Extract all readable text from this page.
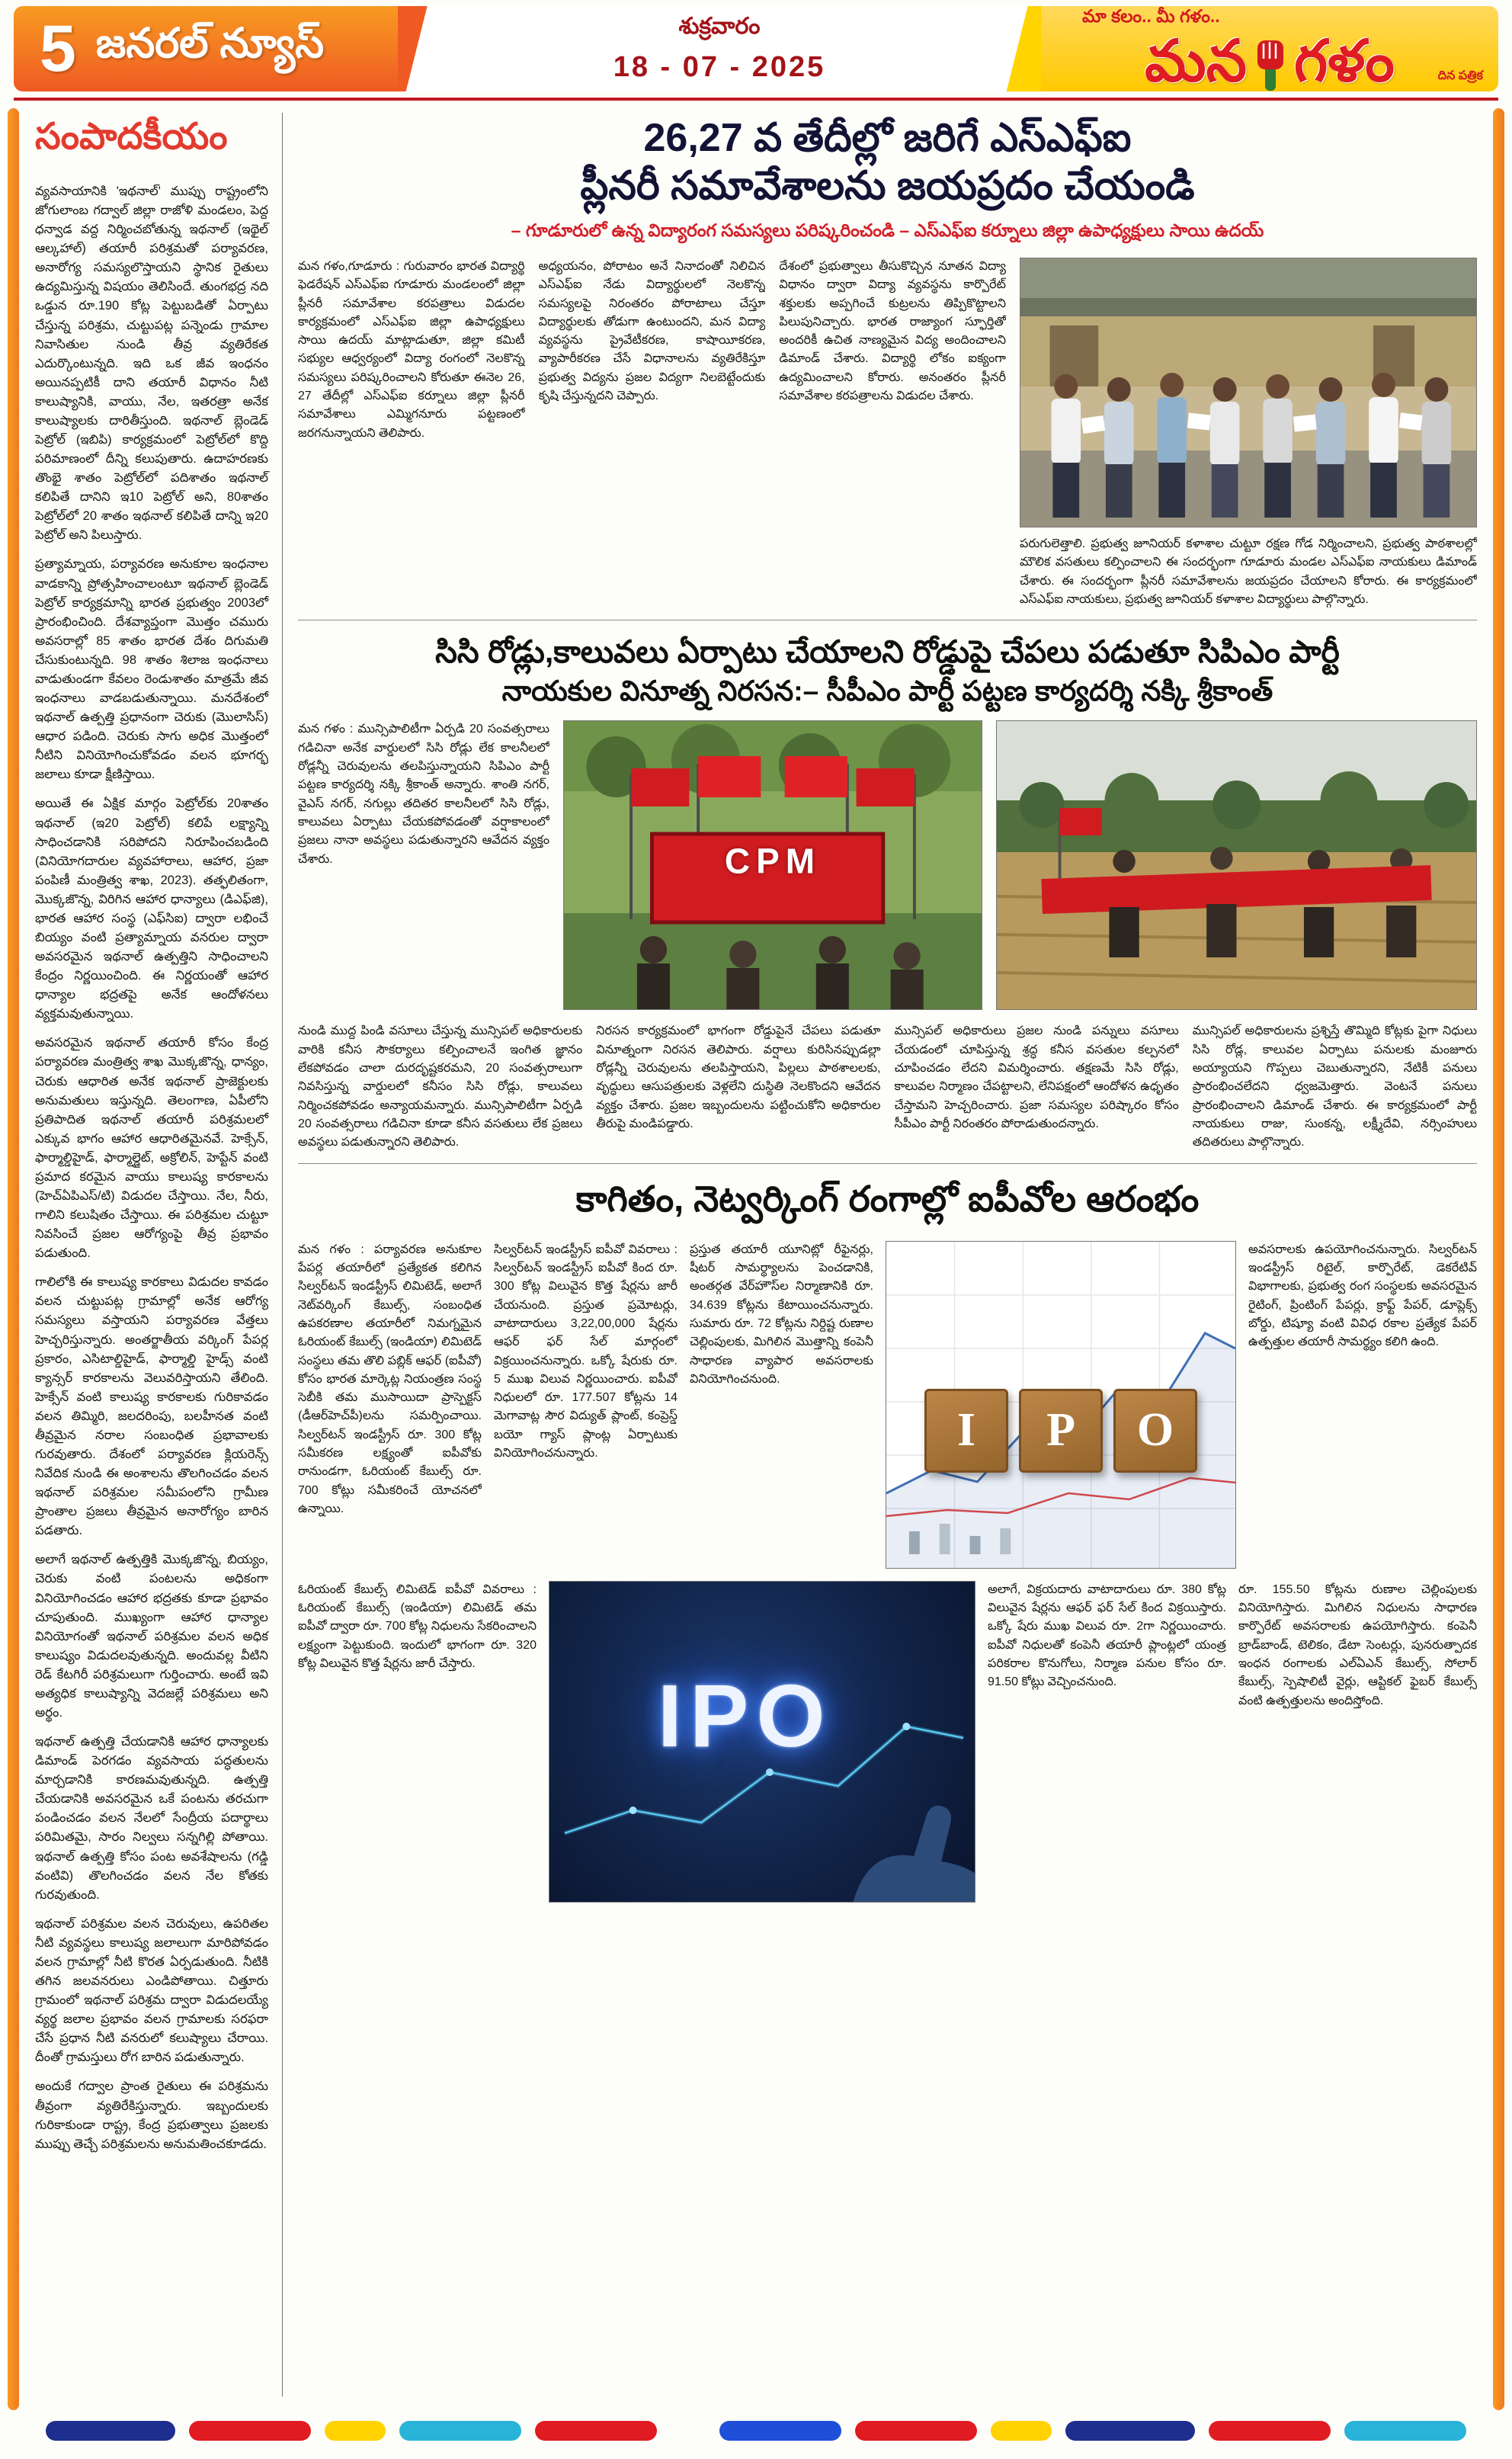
5 జనరల్ న్యూస్	శుక్రవారం
18 - 07 - 2025
మా కలం.. మీ గళం..
మన గళం	దిన పత్రిక
సంపాదకీయం

వ్యవసాయానికి 'ఇథనాల్' ముప్పు రాష్ట్రంలోని జోగులాంబ గద్వాల్ జిల్లా రాజోళి మండలం, పెద్ద ధన్వాడ వద్ద నిర్మించబోతున్న ఇథనాల్ (ఇథైల్ ఆల్కహాల్) తయారీ పరిశ్రమతో పర్యావరణ, అనారోగ్య సమస్యలొస్తాయని స్థానిక రైతులు ఉద్యమిస్తున్న విషయం తెలిసిందే. తుంగభద్ర నది ఒడ్డున రూ.190 కోట్ల పెట్టుబడితో ఏర్పాటు చేస్తున్న పరిశ్రమ, చుట్టుపట్ల పన్నెండు గ్రామాల నివాసితుల నుండి తీవ్ర వ్యతిరేకత ఎదుర్కొంటున్నది. ఇది ఒక జీవ ఇంధనం అయినప్పటికీ దాని తయారీ విధానం నీటి కాలుష్యానికి, వాయు, నేల, ఇతరత్రా అనేక కాలుష్యాలకు దారితీస్తుంది. ఇథనాల్ బ్లెండెడ్ పెట్రోల్ (ఇబిపి) కార్యక్రమంలో పెట్రోల్‌లో కొద్ది పరిమాణంలో దీన్ని కలుపుతారు. ఉదాహరణకు తొంభై శాతం పెట్రోల్‌లో పదిశాతం ఇథనాల్ కలిపితే దానిని ఇ10 పెట్రోల్ అని, 80శాతం పెట్రోల్‌లో 20 శాతం ఇథనాల్ కలిపితే దాన్ని ఇ20 పెట్రోల్ అని పిలుస్తారు.

ప్రత్యామ్నాయ, పర్యావరణ అనుకూల ఇంధనాల వాడకాన్ని ప్రోత్సహించాలంటూ ఇథనాల్ బ్లెండెడ్ పెట్రోల్ కార్యక్రమాన్ని భారత ప్రభుత్వం 2003లో ప్రారంభించింది. దేశవ్యాప్తంగా మొత్తం చమురు అవసరాల్లో 85 శాతం భారత దేశం దిగుమతి చేసుకుంటున్నది. 98 శాతం శిలాజ ఇంధనాలు వాడుతుండగా కేవలం రెండుశాతం మాత్రమే జీవ ఇంధనాలు వాడబడుతున్నాయి. మనదేశంలో ఇథనాల్ ఉత్పత్తి ప్రధానంగా చెరుకు (మొలాసిస్) ఆధార పడింది. చెరుకు సాగు అధిక మొత్తంలో నీటిని వినియోగించుకోవడం వలన భూగర్భ జలాలు కూడా క్షీణిస్తాయి.

అయితే ఈ ఏక్షిక మార్గం పెట్రోల్‌కు 20శాతం ఇథనాల్ (ఇ20 పెట్రోల్) కలిపే లక్ష్యాన్ని సాధించడానికి సరిపోదని నిరూపించబడింది (వినియోగదారుల వ్యవహారాలు, ఆహార, ప్రజా పంపిణీ మంత్రిత్వ శాఖ, 2023). తత్ఫలితంగా, మొక్కజొన్న, విరిగిన ఆహార ధాన్యాలు (డిఎఫ్‌జి), భారత ఆహార సంస్థ (ఎఫ్‌సిఐ) ద్వారా లభించే బియ్యం వంటి ప్రత్యామ్నాయ వనరుల ద్వారా అవసరమైన ఇథనాల్ ఉత్పత్తిని సాధించాలని కేంద్రం నిర్ణయించింది. ఈ నిర్ణయంతో ఆహార ధాన్యాల భద్రతపై అనేక ఆందోళనలు వ్యక్తమవుతున్నాయి.

అవసరమైన ఇథనాల్ తయారీ కోసం కేంద్ర పర్యావరణ మంత్రిత్వ శాఖ మొక్కజొన్న, ధాన్యం, చెరుకు ఆధారిత అనేక ఇథనాల్ ప్రాజెక్టులకు అనుమతులు ఇస్తున్నది. తెలంగాణ, ఏపీలోని ప్రతిపాదిత ఇథనాల్ తయారీ పరిశ్రమలలో ఎక్కువ భాగం ఆహార ఆధారితమైనవే. హెక్సేన్, ఫార్మాల్డిహైడ్, ఫార్మాల్డైట్, అక్రోలిన్, హెప్టేన్ వంటి ప్రమాద కరమైన వాయు కాలుష్య కారకాలను (హెచ్‌ఏపిఎస్/టి) విడుదల చేస్తాయి. నేల, నీరు, గాలిని కలుషితం చేస్తాయి. ఈ పరిశ్రమల చుట్టూ నివసించే ప్రజల ఆరోగ్యంపై తీవ్ర ప్రభావం పడుతుంది.

గాలిలోకి ఈ కాలుష్య కారకాలు విడుదల కావడం వలన చుట్టుపట్ల గ్రామాల్లో అనేక ఆరోగ్య సమస్యలు వస్తాయని పర్యావరణ వేత్తలు హెచ్చరిస్తున్నారు. అంతర్జాతీయ వర్కింగ్ పేపర్ల ప్రకారం, ఎసిటాల్డిహైడ్, ఫార్మాల్డి హైడ్స్ వంటి క్యాన్సర్ కారకాలను వెలువరిస్తాయని తేలింది. హెక్సేన్ వంటి కాలుష్య కారకాలకు గురికావడం వలన తిమ్మిరి, జలదరింపు, బలహీనత వంటి తీవ్రమైన నరాల సంబంధిత ప్రభావాలకు గురవుతారు. దేశంలో పర్యావరణ క్లియరెన్స్ నివేదిక నుండి ఈ అంశాలను తొలగించడం వలన ఇథనాల్ పరిశ్రమల సమీపంలోని గ్రామీణ ప్రాంతాల ప్రజలు తీవ్రమైన అనారోగ్యం బారిన పడతారు.

అలాగే ఇథనాల్ ఉత్పత్తికి మొక్కజొన్న, బియ్యం, చెరుకు వంటి పంటలను అధికంగా వినియోగించడం ఆహార భద్రతకు కూడా ప్రభావం చూపుతుంది. ముఖ్యంగా ఆహార ధాన్యాల వినియోగంతో ఇథనాల్ పరిశ్రమల వలన అధిక కాలుష్యం విడుదలవుతున్నది. అందువల్ల వీటిని రెడ్ కేటగిరీ పరిశ్రమలుగా గుర్తించారు. అంటే ఇవి అత్యధిక కాలుష్యాన్ని వెదజల్లే పరిశ్రమలు అని అర్థం.

ఇథనాల్ ఉత్పత్తి చేయడానికి ఆహార ధాన్యాలకు డిమాండ్ పెరగడం వ్యవసాయ పద్ధతులను మార్చడానికి కారణమవుతున్నది. ఉత్పత్తి చేయడానికి అవసరమైన ఒకే పంటను తరచుగా పండించడం వలన నేలలో సేంద్రీయ పదార్థాలు పరిమితమై, సారం నిల్వలు సన్నగిల్లి పోతాయి. ఇథనాల్ ఉత్పత్తి కోసం పంట అవశేషాలను (గడ్డి వంటివి) తొలగించడం వలన నేల కోతకు గురవుతుంది.

ఇథనాల్ పరిశ్రమల వలన చెరువులు, ఉపరితల నీటి వ్యవస్థలు కాలుష్య జలాలుగా మారిపోవడం వలన గ్రామాల్లో నీటి కొరత ఏర్పడుతుంది. నీటికి తగిన జలవనరులు ఎండిపోతాయి. చిత్తూరు గ్రామంలో ఇథనాల్ పరిశ్రమ ద్వారా విడుదలయ్యే వ్యర్థ జలాల ప్రభావం వలన గ్రామాలకు సరఫరా చేసే ప్రధాన నీటి వనరులో కలుష్యాలు చేరాయి. దీంతో గ్రామస్తులు రోగ బారిన పడుతున్నారు.

అందుకే గద్వాల ప్రాంత రైతులు ఈ పరిశ్రమను తీవ్రంగా వ్యతిరేకిస్తున్నారు. ఇబ్బందులకు గురికాకుండా రాష్ట్ర, కేంద్ర ప్రభుత్వాలు ప్రజలకు ముప్పు తెచ్చే పరిశ్రమలను అనుమతించకూడదు.

26,27 వ తేదీల్లో జరిగే ఎస్ఎఫ్ఐ
ప్లీనరీ సమావేశాలను జయప్రదం చేయండి
– గూడూరులో ఉన్న విద్యారంగ సమస్యలు పరిష్కరించండి – ఎస్ఎఫ్ఐ కర్నూలు జిల్లా ఉపాధ్యక్షులు సాయి ఉదయ్

మన గళం,గూడూరు : గురువారం భారత విద్యార్థి ఫెడరేషన్ ఎస్ఎఫ్ఐ గూడూరు మండలంలో జిల్లా ప్లీనరీ సమావేశాల కరపత్రాలు విడుదల కార్యక్రమంలో ఎస్ఎఫ్ఐ జిల్లా ఉపాధ్యక్షులు సాయి ఉదయ్ మాట్లాడుతూ, జిల్లా కమిటీ సభ్యుల ఆధ్వర్యంలో విద్యా రంగంలో నెలకొన్న సమస్యలు పరిష్కరించాలని కోరుతూ ఈనెల 26, 27 తేదీల్లో ఎస్ఎఫ్ఐ కర్నూలు జిల్లా ప్లీనరీ సమావేశాలు ఎమ్మిగనూరు పట్టణంలో జరగనున్నాయని తెలిపారు.

అధ్యయనం, పోరాటం అనే నినాదంతో నిలిచిన ఎస్ఎఫ్ఐ నేడు విద్యార్థులలో నెలకొన్న సమస్యలపై నిరంతరం పోరాటాలు చేస్తూ విద్యార్థులకు తోడుగా ఉంటుందని, మన విద్యా వ్యవస్థను ప్రైవేటీకరణ, కాషాయీకరణ, వ్యాపారీకరణ చేసే విధానాలను వ్యతిరేకిస్తూ ప్రభుత్వ విద్యను ప్రజల విద్యగా నిలబెట్టేందుకు కృషి చేస్తున్నదని చెప్పారు.

దేశంలో ప్రభుత్వాలు తీసుకొచ్చిన నూతన విద్యా విధానం ద్వారా విద్యా వ్యవస్థను కార్పొరేట్ శక్తులకు అప్పగించే కుట్రలను తిప్పికొట్టాలని పిలుపునిచ్చారు. భారత రాజ్యాంగ స్ఫూర్తితో అందరికీ ఉచిత నాణ్యమైన విద్య అందించాలని డిమాండ్ చేశారు. విద్యార్థి లోకం ఐక్యంగా ఉద్యమించాలని కోరారు. అనంతరం ప్లీనరీ సమావేశాల కరపత్రాలను విడుదల చేశారు.

పరుగులెత్తాలి. ప్రభుత్వ జూనియర్ కళాశాల చుట్టూ రక్షణ గోడ నిర్మించాలని, ప్రభుత్వ పాఠశాలల్లో మౌలిక వసతులు కల్పించాలని ఈ సందర్భంగా గూడూరు మండల ఎస్ఎఫ్ఐ నాయకులు డిమాండ్ చేశారు. ఈ సందర్భంగా ప్లీనరీ సమావేశాలను జయప్రదం చేయాలని కోరారు. ఈ కార్యక్రమంలో ఎస్ఎఫ్ఐ నాయకులు, ప్రభుత్వ జూనియర్ కళాశాల విద్యార్థులు పాల్గొన్నారు.

సిసి రోడ్లు,కాలువలు ఏర్పాటు చేయాలని రోడ్డుపై చేపలు పడుతూ సిపిఎం పార్టీ
నాయకుల వినూత్న నిరసన:– సీపీఎం పార్టీ పట్టణ కార్యదర్శి నక్కి శ్రీకాంత్

మన గళం : మున్సిపాలిటీగా ఏర్పడి 20 సంవత్సరాలు గడిచినా అనేక వార్డులలో సిసి రోడ్లు లేక కాలనీలలో రోడ్లన్నీ చెరువులను తలపిస్తున్నాయని సిపిఎం పార్టీ పట్టణ కార్యదర్శి నక్కి శ్రీకాంత్ అన్నారు. శాంతి నగర్, వైఎస్ నగర్, నగుల్లు తదితర కాలనీలలో సిసి రోడ్లు, కాలువలు ఏర్పాటు చేయకపోవడంతో వర్షాకాలంలో ప్రజలు నానా అవస్థలు పడుతున్నారని ఆవేదన వ్యక్తం చేశారు.	CPM

నుండి ముద్ద పిండి వసూలు చేస్తున్న మున్సిపల్ అధికారులకు వారికి కనీస సౌకర్యాలు కల్పించాలనే ఇంగిత జ్ఞానం లేకపోవడం చాలా దురదృష్టకరమని, 20 సంవత్సరాలుగా నివసిస్తున్న వార్డులలో కనీసం సిసి రోడ్లు, కాలువలు నిర్మించకపోవడం అన్యాయమన్నారు. మున్సిపాలిటీగా ఏర్పడి 20 సంవత్సరాలు గడిచినా కూడా కనీస వసతులు లేక ప్రజలు అవస్థలు పడుతున్నారని తెలిపారు.

నిరసన కార్యక్రమంలో భాగంగా రోడ్డుపైనే చేపలు పడుతూ వినూత్నంగా నిరసన తెలిపారు. వర్షాలు కురిసినప్పుడల్లా రోడ్లన్నీ చెరువులను తలపిస్తాయని, పిల్లలు పాఠశాలలకు, వృద్ధులు ఆసుపత్రులకు వెళ్లలేని దుస్థితి నెలకొందని ఆవేదన వ్యక్తం చేశారు. ప్రజల ఇబ్బందులను పట్టించుకోని అధికారుల తీరుపై మండిపడ్డారు.

మున్సిపల్ అధికారులు ప్రజల నుండి పన్నులు వసూలు చేయడంలో చూపిస్తున్న శ్రద్ధ కనీస వసతుల కల్పనలో చూపించడం లేదని విమర్శించారు. తక్షణమే సిసి రోడ్లు, కాలువల నిర్మాణం చేపట్టాలని, లేనిపక్షంలో ఆందోళన ఉధృతం చేస్తామని హెచ్చరించారు. ప్రజా సమస్యల పరిష్కారం కోసం సీపీఎం పార్టీ నిరంతరం పోరాడుతుందన్నారు.

మున్సిపల్ అధికారులను ప్రశ్నిస్తే తొమ్మిది కోట్లకు పైగా నిధులు సిసి రోడ్ల, కాలువల ఏర్పాటు పనులకు మంజూరు అయ్యాయని గొప్పలు చెబుతున్నారని, నేటికీ పనులు ప్రారంభించలేదని ధ్వజమెత్తారు. వెంటనే పనులు ప్రారంభించాలని డిమాండ్ చేశారు. ఈ కార్యక్రమంలో పార్టీ నాయకులు రాజు, సుంకన్న, లక్ష్మీదేవి, నర్సింహులు తదితరులు పాల్గొన్నారు.

కాగితం, నెట్వర్కింగ్ రంగాల్లో ఐపీవోల ఆరంభం

మన గళం : పర్యావరణ అనుకూల పేపర్ల తయారీలో ప్రత్యేకత కలిగిన సిల్వర్‌టన్ ఇండస్ట్రీస్ లిమిటెడ్, అలాగే నెట్‌వర్కింగ్ కేబుల్స్, సంబంధిత ఉపకరణాల తయారీలో నిమగ్నమైన ఓరియంట్ కేబుల్స్ (ఇండియా) లిమిటెడ్ సంస్థలు తమ తొలి పబ్లిక్ ఆఫర్ (ఐపీవో) కోసం భారత మార్కెట్ల నియంత్రణ సంస్థ సెబీకి తమ ముసాయిదా ప్రాస్పెక్టస్ (డీఆర్‌హెచ్‌పీ)లను సమర్పించాయి. సిల్వర్‌టన్ ఇండస్ట్రీస్ రూ. 300 కోట్ల సమీకరణ లక్ష్యంతో ఐపీవోకు రానుండగా, ఓరియంట్ కేబుల్స్ రూ. 700 కోట్లు సమీకరించే యోచనలో ఉన్నాయి.

సిల్వర్‌టన్ ఇండస్ట్రీస్ ఐపీవో వివరాలు : సిల్వర్‌టన్ ఇండస్ట్రీస్ ఐపీవో కింద రూ. 300 కోట్ల విలువైన కొత్త షేర్లను జారీ చేయనుంది. ప్రస్తుత ప్రమోటర్లు, వాటాదారులు 3,22,00,000 షేర్లను ఆఫర్ ఫర్ సేల్ మార్గంలో విక్రయించనున్నారు. ఒక్కో షేరుకు రూ. 5 ముఖ విలువ నిర్ణయించారు. ఐపీవో నిధులలో రూ. 177.507 కోట్లను 14 మెగావాట్ల సౌర విద్యుత్ ప్లాంట్, కంప్రెస్డ్ బయో గ్యాస్ ప్లాంట్ల ఏర్పాటుకు వినియోగించనున్నారు.

ప్రస్తుత తయారీ యూనిట్లో రీఫైనర్లు, షీటర్ సామర్థ్యాలను పెంచడానికి, అంతర్గత వేర్‌హౌస్‌ల నిర్మాణానికి రూ. 34.639 కోట్లను కేటాయించనున్నారు. సుమారు రూ. 72 కోట్లను నిర్దిష్ట రుణాల చెల్లింపులకు, మిగిలిన మొత్తాన్ని కంపెనీ సాధారణ వ్యాపార అవసరాలకు వినియోగించనుంది.

I P O

అవసరాలకు ఉపయోగించనున్నారు. సిల్వర్‌టన్ ఇండస్ట్రీస్ రిటైల్, కార్పొరేట్, డెకరేటివ్ విభాగాలకు, ప్రభుత్వ రంగ సంస్థలకు అవసరమైన రైటింగ్, ప్రింటింగ్ పేపర్లు, క్రాఫ్ట్ పేపర్, డూప్లెక్స్ బోర్డు, టిష్యూ వంటి వివిధ రకాల ప్రత్యేక పేపర్ ఉత్పత్తుల తయారీ సామర్థ్యం కలిగి ఉంది.

ఓరియంట్ కేబుల్స్ లిమిటెడ్ ఐపీవో వివరాలు : ఓరియంట్ కేబుల్స్ (ఇండియా) లిమిటెడ్ తమ ఐపీవో ద్వారా రూ. 700 కోట్ల నిధులను సేకరించాలని లక్ష్యంగా పెట్టుకుంది. ఇందులో భాగంగా రూ. 320 కోట్ల విలువైన కొత్త షేర్లను జారీ చేస్తారు.

IPO

అలాగే, విక్రయదారు వాటాదారులు రూ. 380 కోట్ల విలువైన షేర్లను ఆఫర్ ఫర్ సేల్ కింద విక్రయిస్తారు. ఒక్కో షేరు ముఖ విలువ రూ. 2గా నిర్ణయించారు. ఐపీవో నిధులతో కంపెనీ తయారీ ప్లాంట్లలో యంత్ర పరికరాల కొనుగోలు, నిర్మాణ పనుల కోసం రూ. 91.50 కోట్లు వెచ్చించనుంది.

రూ. 155.50 కోట్లను రుణాల చెల్లింపులకు వినియోగిస్తారు. మిగిలిన నిధులను సాధారణ కార్పొరేట్ అవసరాలకు ఉపయోగిస్తారు. కంపెనీ బ్రాడ్‌బాండ్, టెలికం, డేటా సెంటర్లు, పునరుత్పాదక ఇంధన రంగాలకు ఎల్‌ఏఎన్ కేబుల్స్, సోలార్ కేబుల్స్, స్పెషాలిటీ వైర్లు, ఆప్టికల్ ఫైబర్ కేబుల్స్ వంటి ఉత్పత్తులను అందిస్తోంది.
